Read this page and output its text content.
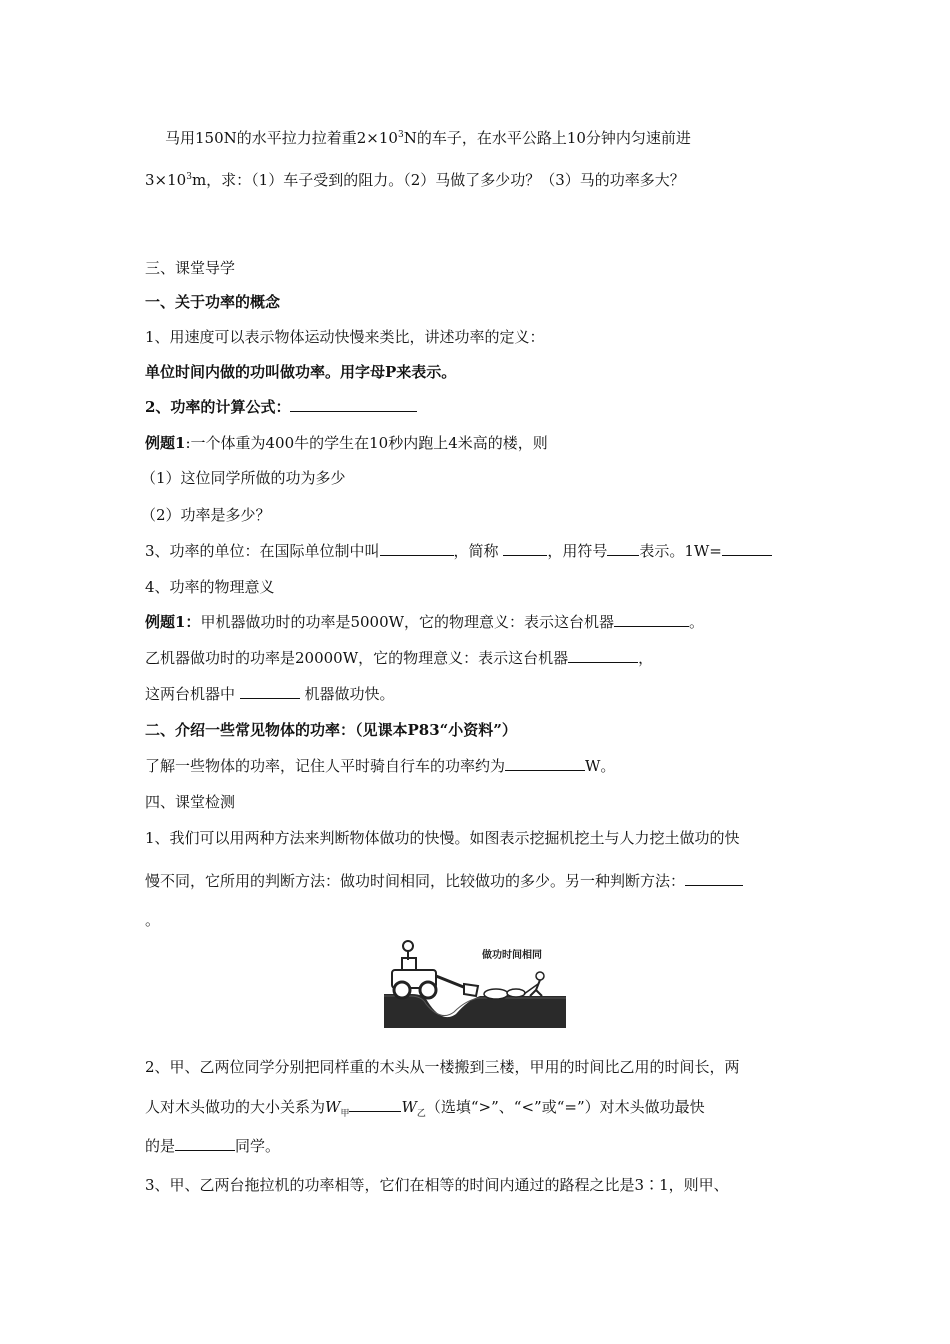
马用150N的水平拉力拉着重$2\times 10^3N$的车子，在水平公路上10分钟内匀速前进
$3\times 10^3m$，求：（1）车子受到的阻力。（2）马做了多少功？（3）马的功率多大？
三、课堂导学
一、关于功率的概念
1、用速度可以表示物体运动快慢来类比，讲述功率的定义：
单位时间内做的功叫做功率。用字母P来表示。
2、功率的计算公式：
例题1:一个体重为400牛的学生在10秒内跑上4米高的楼，则
（1）这位同学所做的功为多少
（2）功率是多少？
3、功率的单位：在国际单位制中叫	，简称	，用符号 表示。1W=
4、功率的物理意义
例题1：甲机器做功时的功率是5000W，它的物理意义：表示这台机器	。
乙机器做功时的功率是20000W，它的物理意义：表示这台机器	，
这两台机器中	机器做功快。
二、介绍一些常见物体的功率：（见课本P83“小资料”）
了解一些物体的功率，记住人平时骑自行车的功率约为	W。
四、课堂检测
1、我们可以用两种方法来判断物体做功的快慢。如图表示挖掘机挖土与人力挖土做功的快
慢不同，它所用的判断方法：做功时间相同，比较做功的多少。另一种判断方法：
。
做功时间相同
2、甲、乙两位同学分别把同样重的木头从一楼搬到三楼，甲用的时间比乙用的时间长，两
人对木头做功的大小关系为$W_甲$	$W_乙$（选填“>”、“<”或“=”）对木头做功最快
的是	同学。
3、甲、乙两台拖拉机的功率相等，它们在相等的时间内通过的路程之比是3∶1，则甲、
